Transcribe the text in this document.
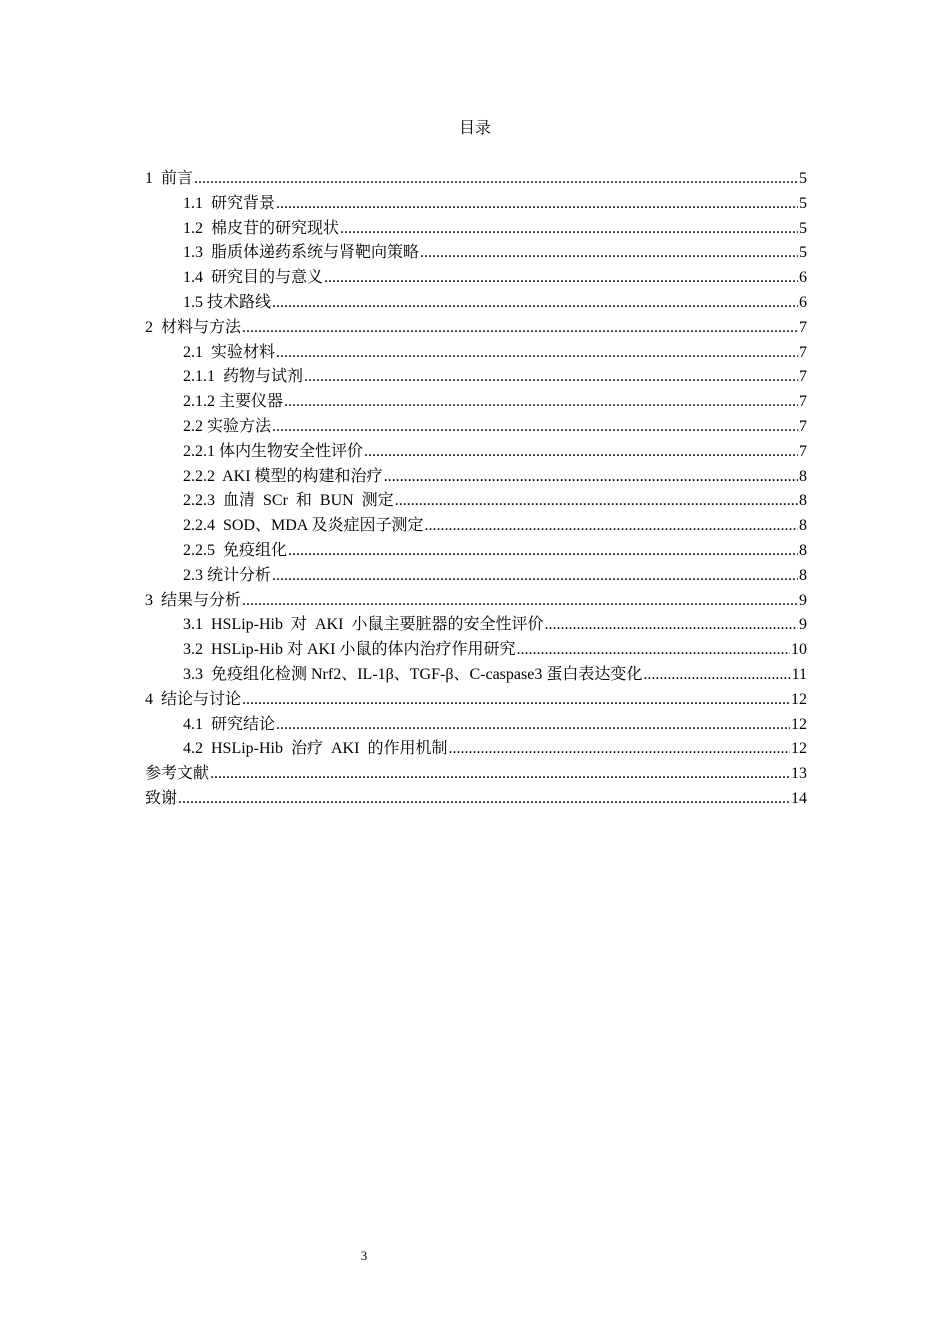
目录
1  前言 .....	5
1.1  研究背景 .....	5
1.2  棉皮苷的研究现状 .....	5
1.3  脂质体递药系统与肾靶向策略 .....	5
1.4  研究目的与意义 .....	6
1.5 技术路线 .....	6
2  材料与方法 .....	7
2.1  实验材料 .....	7
2.1.1  药物与试剂 .....	7
2.1.2 主要仪器 .....	7
2.2 实验方法 .....	7
2.2.1 体内生物安全性评价 .....	7
2.2.2  AKI 模型的构建和治疗 .....	8
2.2.3  血清  SCr  和  BUN  测定 .....	8
2.2.4  SOD、MDA 及炎症因子测定 .....	8
2.2.5  免疫组化 .....	8
2.3 统计分析 .....	8
3  结果与分析 .....	9
3.1  HSLip-Hib  对  AKI  小鼠主要脏器的安全性评价 .....	9
3.2  HSLip-Hib 对 AKI 小鼠的体内治疗作用研究 .....	10
3.3  免疫组化检测 Nrf2、IL-1β、TGF-β、C-caspase3 蛋白表达变化 .....	11
4  结论与讨论 .....	12
4.1  研究结论 .....	12
4.2  HSLip-Hib  治疗  AKI  的作用机制 .....	12
参考文献 .....	13
致谢 .....	14
3
